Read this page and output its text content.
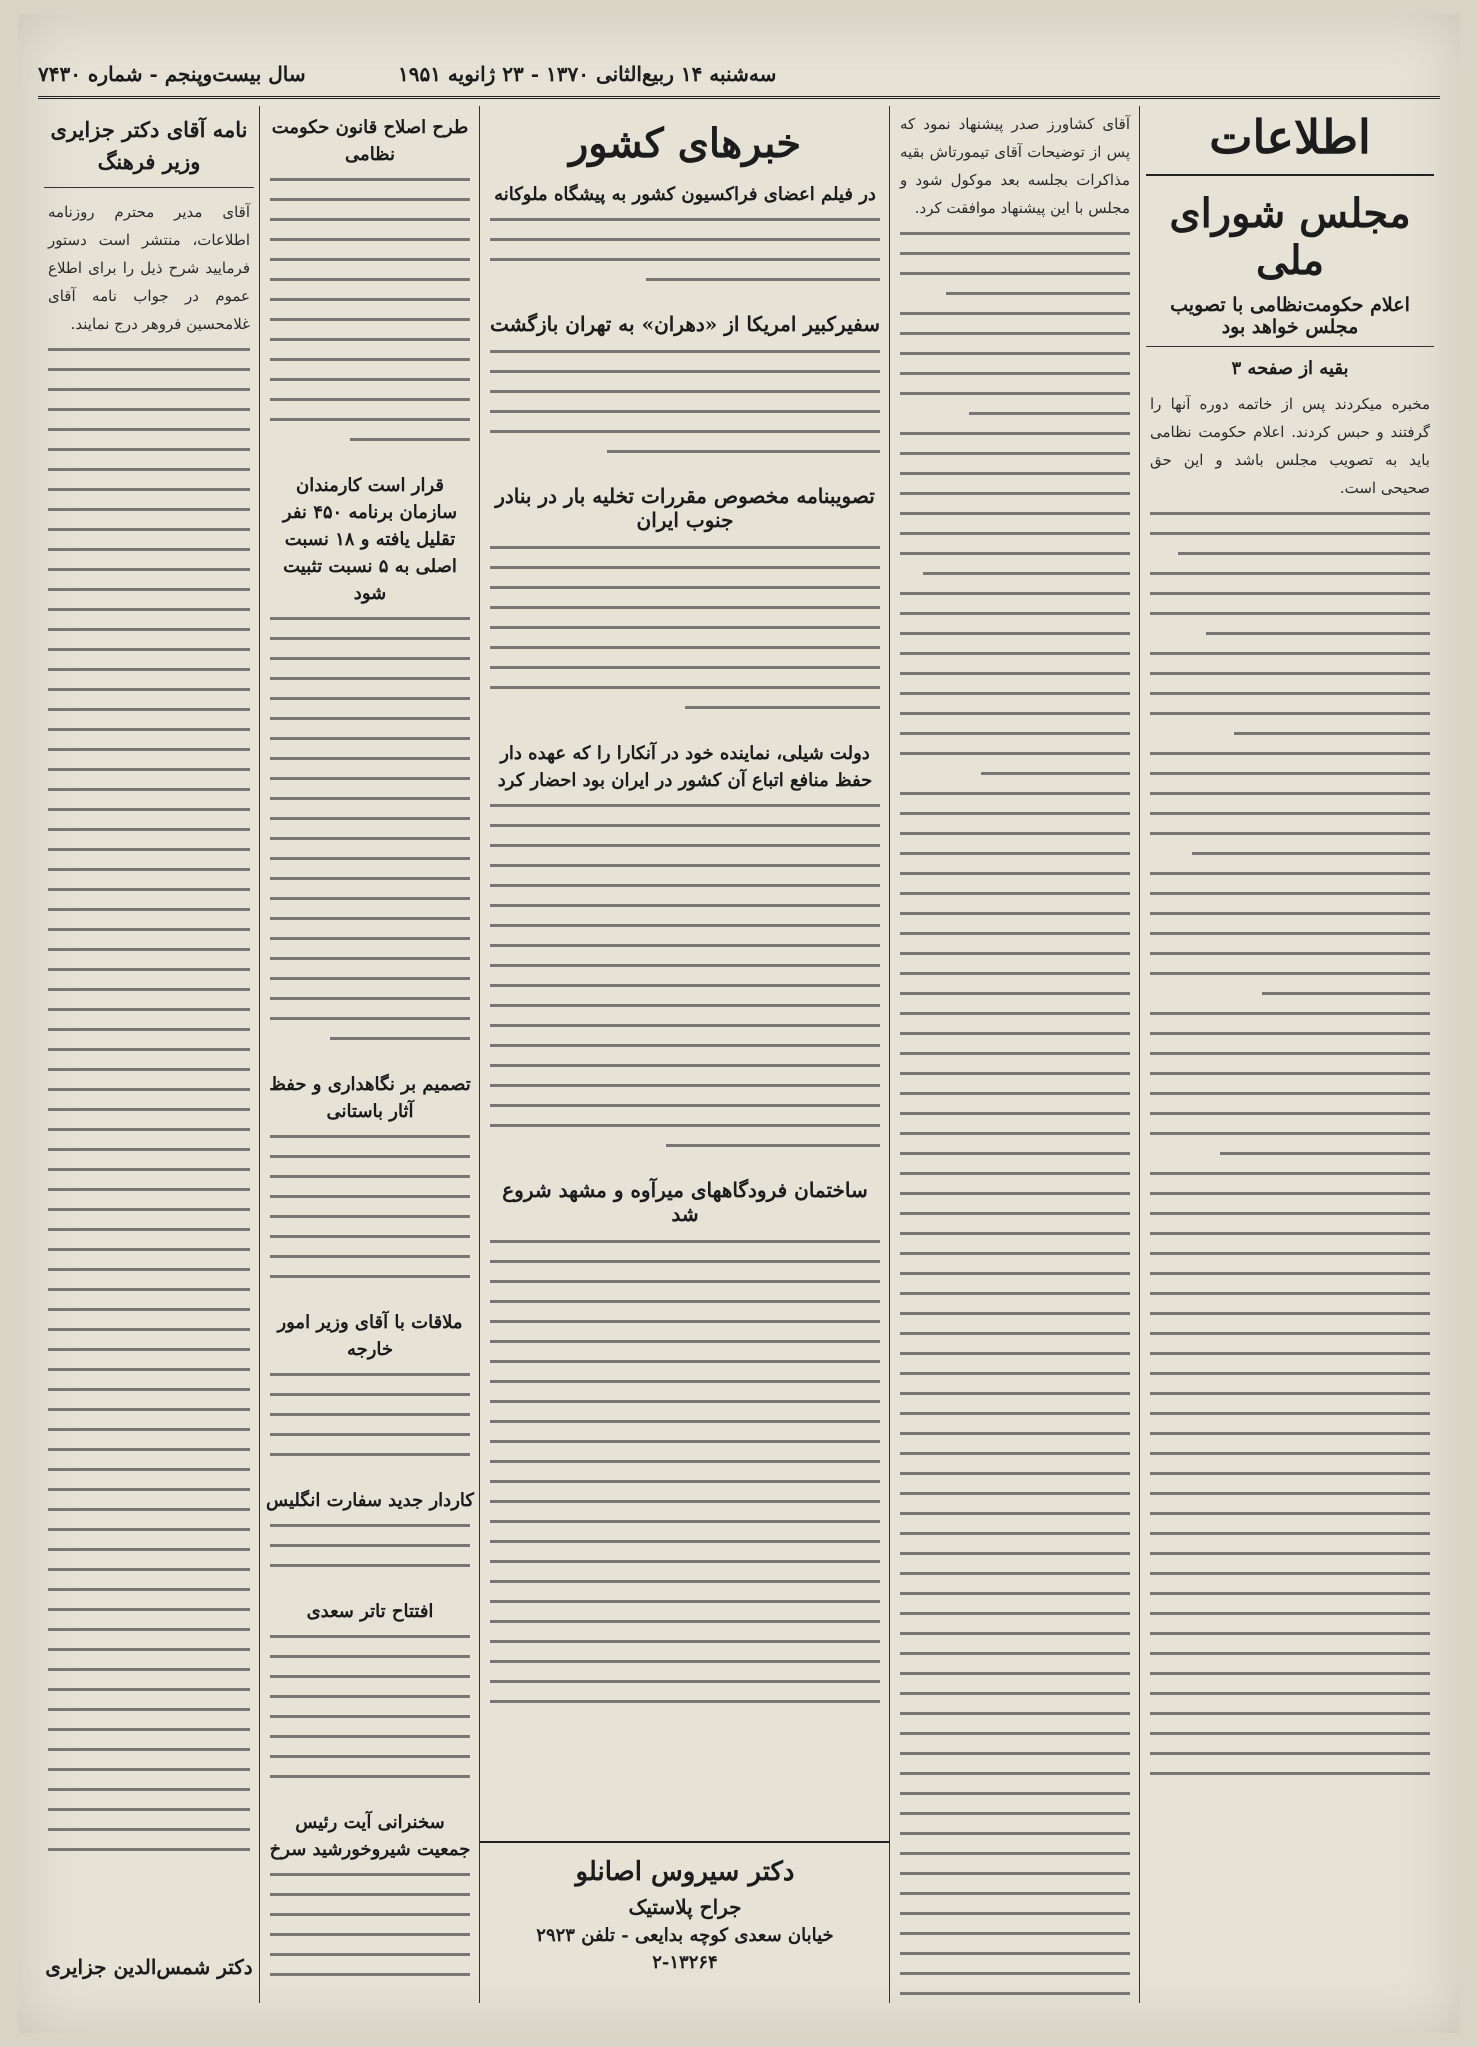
سه‌شنبه ۱۴ ربیع‌الثانی ۱۳۷۰ - ۲۳ ژانویه ۱۹۵۱
سال بیست‌وپنجم - شماره ۷۴۳۰
اطلاعات
مجلس شورای ملی
اعلام حکومت‌نظامی با تصویب مجلس خواهد بود
بقیه از صفحه ۳
مخبره میکردند پس از خاتمه دوره آنها را گرفتند و حبس کردند. اعلام حکومت نظامی باید به تصویب مجلس باشد و این حق صحیحی است.
آقای کشاورز صدر پیشنهاد نمود که پس از توضیحات آقای تیمورتاش بقیه مذاکرات بجلسه بعد موکول شود و مجلس با این پیشنهاد موافقت کرد.
خبرهای کشور
در فیلم اعضای فراکسیون کشور به پیشگاه ملوکانه
سفیرکبیر امریکا از «دهران» به تهران بازگشت
تصویبنامه مخصوص مقررات تخلیه بار در بنادر جنوب ایران
دولت شیلی، نماینده خود در آنکارا را که عهده دار حفظ منافع اتباع آن کشور در ایران بود احضار کرد
ساختمان فرودگاههای میرآوه و مشهد شروع شد
دکتر سیروس اصانلو
جراح پلاستیک
خیابان سعدی کوچه بدایعی - تلفن ۲۹۲۳
۲-۱۳۲۶۴
طرح اصلاح قانون حکومت نظامی
قرار است کارمندان سازمان برنامه ۴۵۰ نفر تقلیل یافته و ۱۸ نسبت اصلی به ۵ نسبت تثبیت شود
تصمیم بر نگاهداری و حفظ آثار باستانی
ملاقات با آقای وزیر امور خارجه
کاردار جدید سفارت انگلیس
افتتاح تاتر سعدی
سخنرانی آیت رئیس جمعیت شیروخورشید سرخ
نامه آقای دکتر جزایری وزیر فرهنگ
آقای مدیر محترم روزنامه اطلاعات، منتشر است دستور فرمایید شرح ذیل را برای اطلاع عموم در جواب نامه آقای غلامحسین فروهر درج نمایند.
دکتر شمس‌الدین جزایری
